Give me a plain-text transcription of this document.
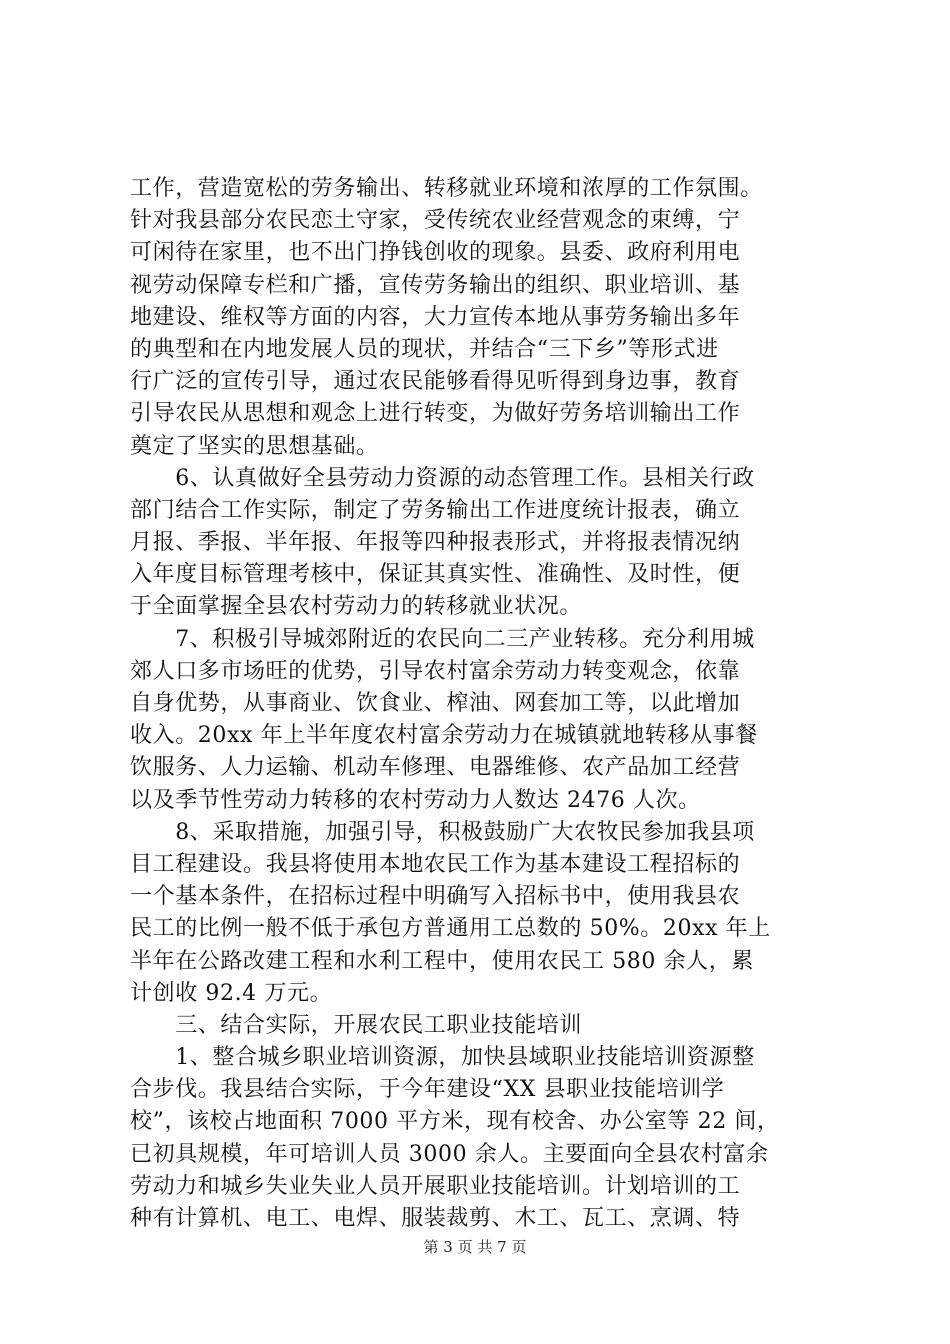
工作，营造宽松的劳务输出、转移就业环境和浓厚的工作氛围。
针对我县部分农民恋土守家，受传统农业经营观念的束缚，宁
可闲待在家里，也不出门挣钱创收的现象。县委、政府利用电
视劳动保障专栏和广播，宣传劳务输出的组织、职业培训、基
地建设、维权等方面的内容，大力宣传本地从事劳务输出多年
的典型和在内地发展人员的现状，并结合“三下乡”等形式进
行广泛的宣传引导，通过农民能够看得见听得到身边事，教育
引导农民从思想和观念上进行转变，为做好劳务培训输出工作
奠定了坚实的思想基础。
　　6、认真做好全县劳动力资源的动态管理工作。县相关行政
部门结合工作实际，制定了劳务输出工作进度统计报表，确立
月报、季报、半年报、年报等四种报表形式，并将报表情况纳
入年度目标管理考核中，保证其真实性、准确性、及时性，便
于全面掌握全县农村劳动力的转移就业状况。
　　7、积极引导城郊附近的农民向二三产业转移。充分利用城
郊人口多市场旺的优势，引导农村富余劳动力转变观念，依靠
自身优势，从事商业、饮食业、榨油、网套加工等，以此增加
收入。20xx 年上半年度农村富余劳动力在城镇就地转移从事餐
饮服务、人力运输、机动车修理、电器维修、农产品加工经营
以及季节性劳动力转移的农村劳动力人数达 2476 人次。
　　8、采取措施，加强引导，积极鼓励广大农牧民参加我县项
目工程建设。我县将使用本地农民工作为基本建设工程招标的
一个基本条件，在招标过程中明确写入招标书中，使用我县农
民工的比例一般不低于承包方普通用工总数的 50%。20xx 年上
半年在公路改建工程和水利工程中，使用农民工 580 余人，累
计创收 92.4 万元。
　　三、结合实际，开展农民工职业技能培训
　　1、整合城乡职业培训资源，加快县域职业技能培训资源整
合步伐。我县结合实际，于今年建设“XX 县职业技能培训学
校”，该校占地面积 7000 平方米，现有校舍、办公室等 22 间，
已初具规模，年可培训人员 3000 余人。主要面向全县农村富余
劳动力和城乡失业失业人员开展职业技能培训。计划培训的工
种有计算机、电工、电焊、服装裁剪、木工、瓦工、烹调、特
第 3 页 共 7 页
